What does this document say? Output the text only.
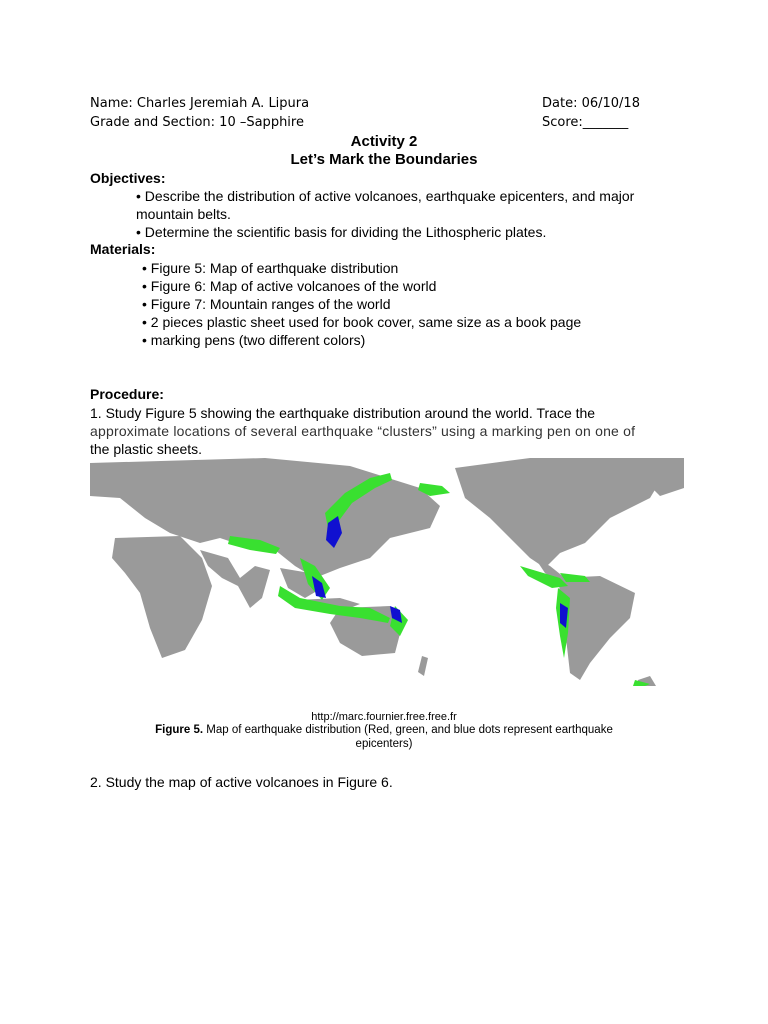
Name: Charles Jeremiah A. Lipura
Grade and Section: 10 –Sapphire
Date: 06/10/18
Score:_______
Activity 2
Let’s Mark the Boundaries
Objectives:
• Describe the distribution of active volcanoes, earthquake epicenters, and major
mountain belts.
• Determine the scientific basis for dividing the Lithospheric plates.
Materials:
• Figure 5: Map of earthquake distribution
• Figure 6: Map of active volcanoes of the world
• Figure 7: Mountain ranges of the world
• 2 pieces plastic sheet used for book cover, same size as a book page
• marking pens (two different colors)
Procedure:
1. Study Figure 5 showing the earthquake distribution around the world. Trace the
approximate locations of several earthquake “clusters” using a marking pen on one of
the plastic sheets.
http://marc.fournier.free.free.fr
Figure 5. Map of earthquake distribution (Red, green, and blue dots represent earthquake
epicenters)
2. Study the map of active volcanoes in Figure 6.
